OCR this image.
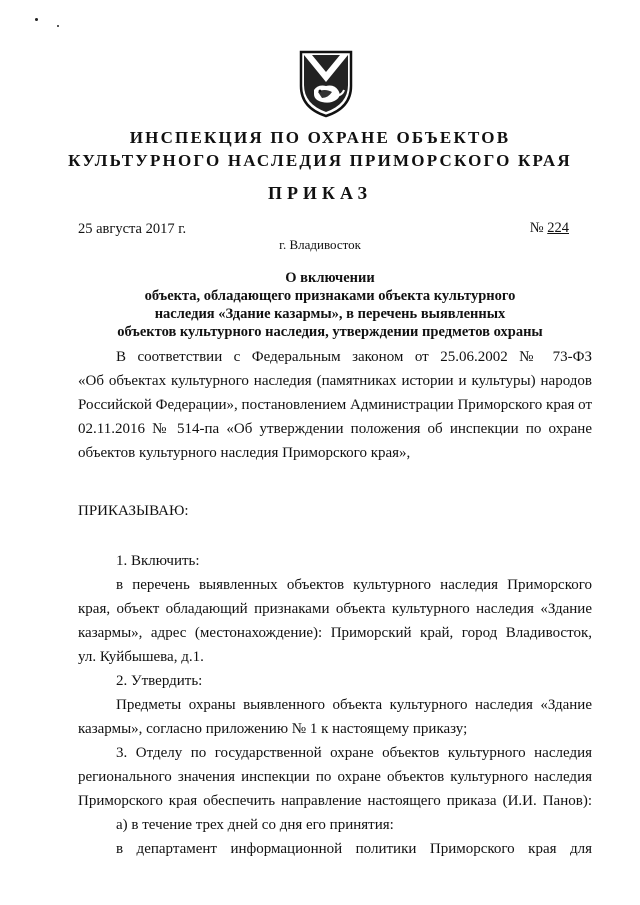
ИНСПЕКЦИЯ ПО ОХРАНЕ ОБЪЕКТОВ
КУЛЬТУРНОГО НАСЛЕДИЯ ПРИМОРСКОГО КРАЯ
ПРИКАЗ
25 августа 2017 г.	№ 224
г. Владивосток
О включении
объекта, обладающего признаками объекта культурного
наследия «Здание казармы», в перечень выявленных
объектов культурного наследия, утверждении предметов охраны
В соответствии с Федеральным законом от 25.06.2002 № 73-ФЗ
«Об объектах культурного наследия (памятниках истории и культуры) народов
Российской Федерации», постановлением Администрации Приморского края от
02.11.2016 № 514-па «Об утверждении положения об инспекции по охране
объектов культурного наследия Приморского края»,
ПРИКАЗЫВАЮ:
1. Включить:
в перечень выявленных объектов культурного наследия Приморского
края, объект обладающий признаками объекта культурного наследия «Здание
казармы», адрес (местонахождение): Приморский край, город Владивосток,
ул. Куйбышева, д.1.
2. Утвердить:
Предметы охраны выявленного объекта культурного наследия «Здание
казармы», согласно приложению № 1 к настоящему приказу;
3. Отделу по государственной охране объектов культурного наследия
регионального значения инспекции по охране объектов культурного наследия
Приморского края обеспечить направление настоящего приказа (И.И. Панов):
а) в течение трех дней со дня его принятия:
в департамент информационной политики Приморского края для
